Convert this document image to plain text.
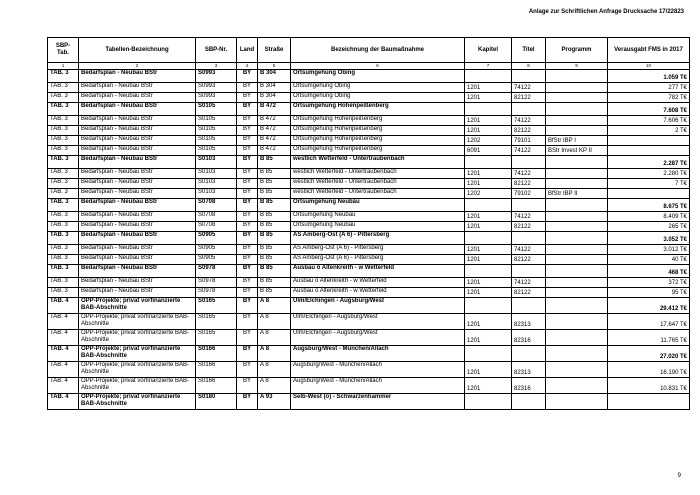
Anlage zur Schriftlichen Anfrage Drucksache 17/22823
SBP-Tab.	Tabellen-Bezeichnung	SBP-Nr.	Land	Straße	Bezeichnung der Baumaßnahme	Kapitel	Titel	Programm	Verausgabt FMS in 2017
1	2	3	4	5	6	7	8	9	10
TAB. 3	Bedarfsplan - Neubau BStr	S0993	BY	B 304	Ortsumgehung Obing				1.059 T€

TAB. 3	Bedarfsplan - Neubau BStr	S0993	BY	B 304	Ortsumgehung Obing	1201	74122		277 T€

TAB. 3	Bedarfsplan - Neubau BStr	S0993	BY	B 304	Ortsumgehung Obing	1201	82122		782 T€

TAB. 3	Bedarfsplan - Neubau BStr	S0105	BY	B 472	Ortsumgehung Hohenpeißenberg				7.608 T€

TAB. 3	Bedarfsplan - Neubau BStr	S0105	BY	B 472	Ortsumgehung Hohenpeißenberg	1201	74122		7.606 T€

TAB. 3	Bedarfsplan - Neubau BStr	S0105	BY	B 472	Ortsumgehung Hohenpeißenberg	1201	82122		2 T€

TAB. 3	Bedarfsplan - Neubau BStr	S0105	BY	B 472	Ortsumgehung Hohenpeißenberg	1202	79101	BfStr IBP I	

TAB. 3	Bedarfsplan - Neubau BStr	S0105	BY	B 472	Ortsumgehung Hohenpeißenberg	6091	74122	BStr Invest KP II	

TAB. 3	Bedarfsplan - Neubau BStr	S0103	BY	B 85	westlich Wetterfeld - Untertraubenbach				2.287 T€

TAB. 3	Bedarfsplan - Neubau BStr	S0103	BY	B 85	westlich Wetterfeld - Untertraubenbach	1201	74122		2.280 T€

TAB. 3	Bedarfsplan - Neubau BStr	S0103	BY	B 85	westlich Wetterfeld - Untertraubenbach	1201	82122		7 T€

TAB. 3	Bedarfsplan - Neubau BStr	S0103	BY	B 85	westlich Wetterfeld - Untertraubenbach	1202	79102	BfStr IBP II	

TAB. 3	Bedarfsplan - Neubau BStr	S0708	BY	B 85	Ortsumgehung Neubäu				8.675 T€

TAB. 3	Bedarfsplan - Neubau BStr	S0708	BY	B 85	Ortsumgehung Neubäu	1201	74122		8.409 T€

TAB. 3	Bedarfsplan - Neubau BStr	S0708	BY	B 85	Ortsumgehung Neubäu	1201	82122		265 T€

TAB. 3	Bedarfsplan - Neubau BStr	S0905	BY	B 85	AS Amberg-Ost (A 6) - Pittersberg				3.052 T€

TAB. 3	Bedarfsplan - Neubau BStr	S0905	BY	B 85	AS Amberg-Ost (A 6) - Pittersberg	1201	74122		3.012 T€

TAB. 3	Bedarfsplan - Neubau BStr	S0905	BY	B 85	AS Amberg-Ost (A 6) - Pittersberg	1201	82122		40 T€

TAB. 3	Bedarfsplan - Neubau BStr	S0978	BY	B 85	Ausbau ö Altenkreith - w Wetterfeld				468 T€

TAB. 3	Bedarfsplan - Neubau BStr	S0978	BY	B 85	Ausbau ö Altenkreith - w Wetterfeld	1201	74122		372 T€

TAB. 3	Bedarfsplan - Neubau BStr	S0978	BY	B 85	Ausbau ö Altenkreith - w Wetterfeld	1201	82122		95 T€

TAB. 4	ÖPP-Projekte; privat vorfinanzierte BAB-Abschnitte	S0165	BY	A 8	Ulm/Elchingen - Augsburg/West				29.412 T€

TAB. 4	ÖPP-Projekte; privat vorfinanzierte BAB-Abschnitte	S0165	BY	A 8	Ulm/Elchingen - Augsburg/West	1201	82313		17.647 T€

TAB. 4	ÖPP-Projekte; privat vorfinanzierte BAB-Abschnitte	S0165	BY	A 8	Ulm/Elchingen - Augsburg/West	1201	82316		11.765 T€

TAB. 4	ÖPP-Projekte; privat vorfinanzierte BAB-Abschnitte	S0166	BY	A 8	Augsburg/West - München/Allach				27.020 T€

TAB. 4	ÖPP-Projekte; privat vorfinanzierte BAB-Abschnitte	S0166	BY	A 8	Augsburg/West - München/Allach	1201	82313		16.190 T€

TAB. 4	ÖPP-Projekte; privat vorfinanzierte BAB-Abschnitte	S0166	BY	A 8	Augsburg/West - München/Allach	1201	82316		10.831 T€

TAB. 4	ÖPP-Projekte; privat vorfinanzierte BAB-Abschnitte	S0180	BY	A 93	Selb-West (o) - Schwarzenhammer				
9
